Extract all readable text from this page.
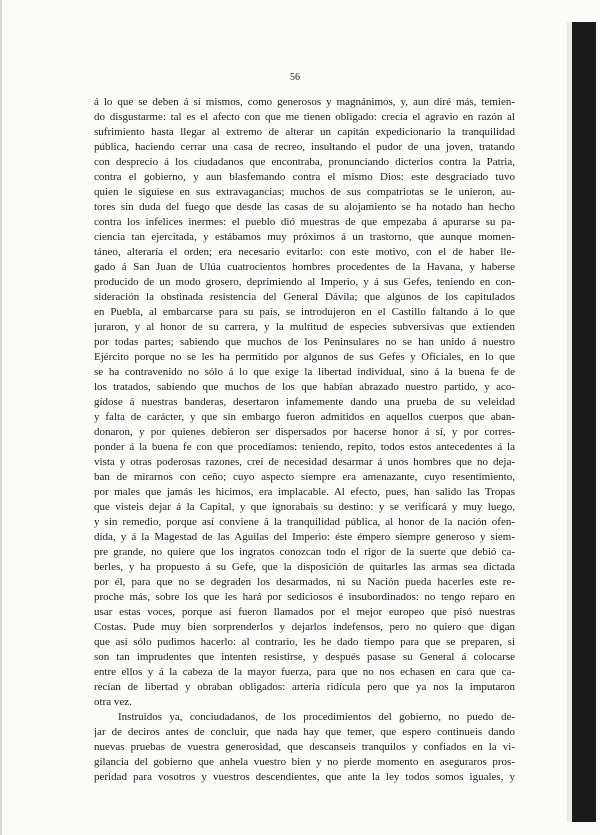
56
á lo que se deben á sí mismos, como generosos y magnánimos, y, aun diré más, temien-
do disgustarme: tal es el afecto con que me tienen obligado: crecía el agravio en razón al
sufrimiento hasta llegar al extremo de alterar un capitán expedicionario la tranquilidad
pública, haciendo cerrar una casa de recreo, insultando el pudor de una joven, tratando
con desprecio á los ciudadanos que encontraba, pronunciando dicterios contra la Patria,
contra el gobierno, y aun blasfemando contra el mismo Dios: este desgraciado tuvo
quien le siguiese en sus extravagancias; muchos de sus compatriotas se le unieron, au-
tores sin duda del fuego que desde las casas de su alojamiento se ha notado han hecho
contra los infelices inermes: el pueblo dió muestras de que empezaba á apurarse su pa-
ciencia tan ejercitada, y estábamos muy próximos á un trastorno, que aunque momen-
táneo, alteraría el orden; era necesario evitarlo: con este motivo, con el de haber lle-
gado á San Juan de Ulúa cuatrocientos hombres procedentes de la Havana, y haberse
producido de un modo grosero, deprimiendo al Imperio, y á sus Gefes, teniendo en con-
sideración la obstinada resistencia del General Dávila; que algunos de los capitulados
en Puebla, al embarcarse para su país, se introdujeron en el Castillo faltando á lo que
juraron, y al honor de su carrera, y la multitud de especies subversivas que extienden
por todas partes; sabiendo que muchos de los Peninsulares no se han unido á nuestro
Ejército porque no se les ha permitido por algunos de sus Gefes y Oficiales, en lo que
se ha contravenido no sólo á lo que exige la libertad individual, sino á la buena fe de
los tratados, sabiendo que muchos de los que habían abrazado nuestro partido, y aco-
gídose á nuestras banderas, desertaron infamemente dando una prueba de su veleidad
y falta de carácter, y que sin embargo fueron admitidos en aquellos cuerpos que aban-
donaron, y por quienes debieron ser dispersados por hacerse honor á sí, y por corres-
ponder á la buena fe con que procedíamos: teniendo, repito, todos estos antecedentes á la
vista y otras poderosas razones, creí de necesidad desarmar á unos hombres que no deja-
ban de mirarnos con ceño; cuyo aspecto siempre era amenazante, cuyo resentimiento,
por males que jamás les hicimos, era implacable. Al efecto, pues, han salido las Tropas
que visteis dejar á la Capital, y que ignorabais su destino: y se verificará y muy luego,
y sin remedio, porque así conviene á la tranquilidad pública, al honor de la nación ofen-
dida, y á la Magestad de las Aguilas del Imperio: éste émpero siempre generoso y siem-
pre grande, no quiere que los ingratos conozcan todo el rigor de la suerte que debió ca-
berles, y ha propuesto á su Gefe, que la disposición de quitarles las armas sea dictada
por él, para que no se degraden los desarmados, ni su Nación pueda hacerles este re-
proche más, sobre los que les hará por sediciosos é insubordinados: no tengo reparo en
usar estas voces, porque así fueron llamados por el mejor europeo que pisó nuestras
Costas. Pude muy bien sorprenderlos y dejarlos indefensos, pero no quiero que digan
que así sólo pudimos hacerlo: al contrario, les he dado tiempo para que se preparen, si
son tan imprudentes que intenten resistirse, y después pasase su General á colocarse
entre ellos y á la cabeza de la mayor fuerza, para que no nos echasen en cara que ca-
recían de libertad y obraban obligados: artería ridícula pero que ya nos la imputaron
otra vez.
Instruidos ya, conciudadanos, de los procedimientos del gobierno, no puedo de-
jar de deciros antes de concluir, que nada hay que temer, que espero continueis dando
nuevas pruebas de vuestra generosidad, que descanseis tranquilos y confiados en la vi-
gilancia del gobierno que anhela vuestro bien y no pierde momento en aseguraros pros-
peridad para vosotros y vuestros descendientes, que ante la ley todos somos iguales, y
